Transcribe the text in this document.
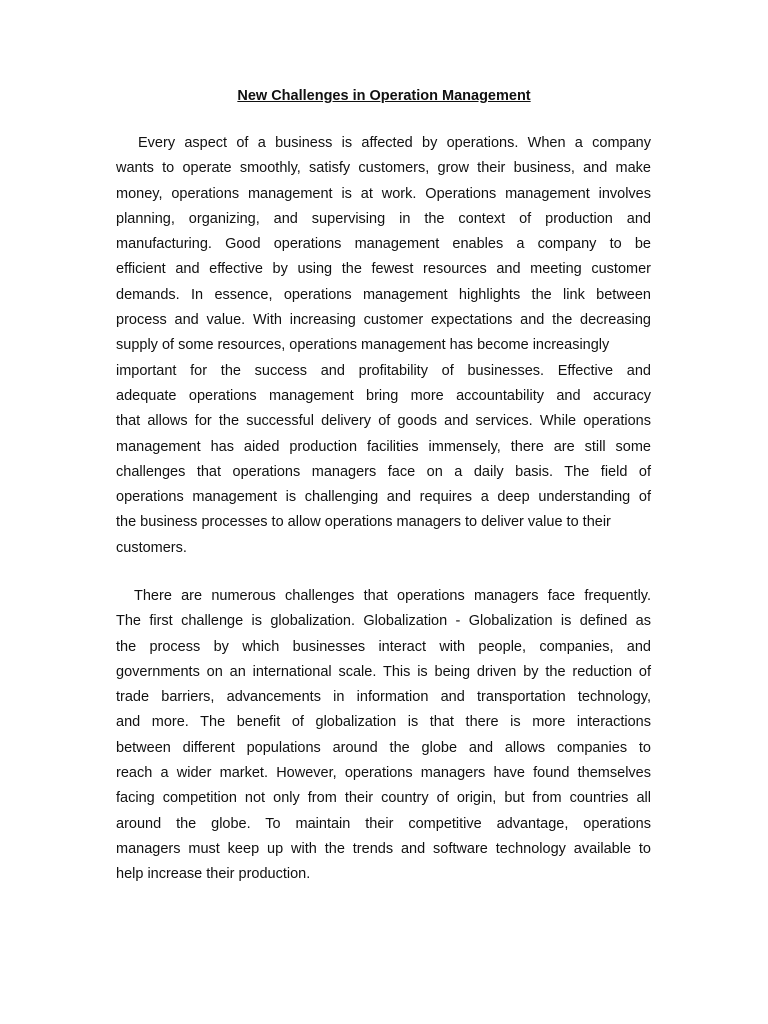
New Challenges in Operation Management
Every aspect of a business is affected by operations. When a company
wants to operate smoothly, satisfy customers, grow their business, and make
money, operations management is at work. Operations management involves
planning, organizing, and supervising in the context of production and
manufacturing. Good operations management enables a company to be
efficient and effective by using the fewest resources and meeting customer
demands. In essence, operations management highlights the link between
process and value. With increasing customer expectations and the decreasing
supply of some resources, operations management has become increasingly
important for the success and profitability of businesses. Effective and
adequate operations management bring more accountability and accuracy
that allows for the successful delivery of goods and services. While operations
management has aided production facilities immensely, there are still some
challenges that operations managers face on a daily basis. The field of
operations management is challenging and requires a deep understanding of
the business processes to allow operations managers to deliver value to their
customers.
There are numerous challenges that operations managers face frequently.
The first challenge is globalization. Globalization - Globalization is defined as
the process by which businesses interact with people, companies, and
governments on an international scale. This is being driven by the reduction of
trade barriers, advancements in information and transportation technology,
and more. The benefit of globalization is that there is more interactions
between different populations around the globe and allows companies to
reach a wider market. However, operations managers have found themselves
facing competition not only from their country of origin, but from countries all
around the globe. To maintain their competitive advantage, operations
managers must keep up with the trends and software technology available to
help increase their production.
